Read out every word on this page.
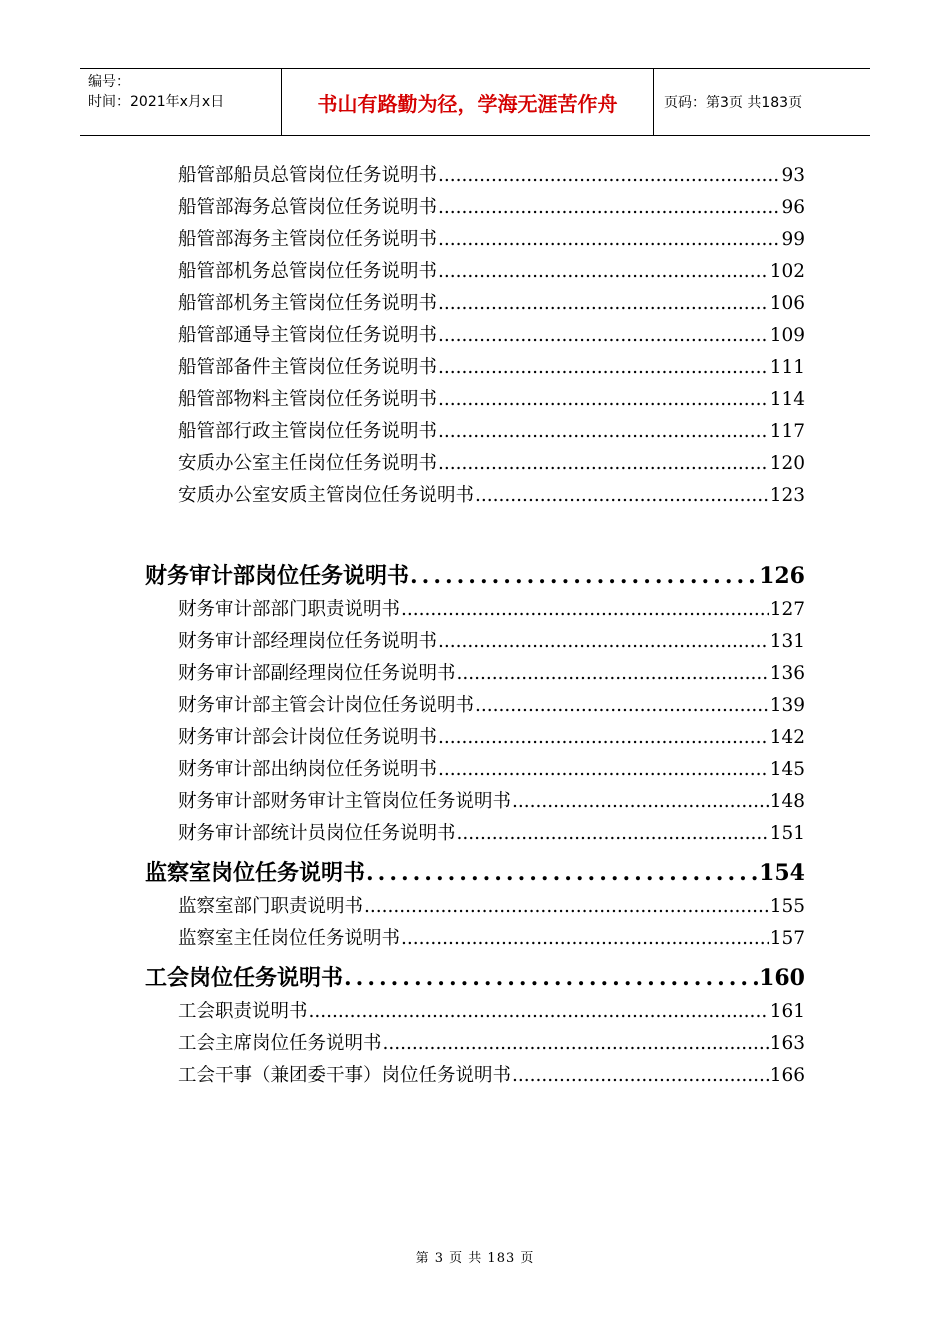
编号：
时间：2021年x月x日	书山有路勤为径，学海无涯苦作舟	页码：第3页 共183页
船管部船员总管岗位任务说明书 .....	93
船管部海务总管岗位任务说明书 .....	96
船管部海务主管岗位任务说明书 .....	99
船管部机务总管岗位任务说明书 .....	102
船管部机务主管岗位任务说明书 .....	106
船管部通导主管岗位任务说明书 .....	109
船管部备件主管岗位任务说明书 .....	111
船管部物料主管岗位任务说明书 .....	114
船管部行政主管岗位任务说明书 .....	117
安质办公室主任岗位任务说明书 .....	120
安质办公室安质主管岗位任务说明书 .....	123
财务审计部岗位任务说明书 .....	126
财务审计部部门职责说明书 .....	127
财务审计部经理岗位任务说明书 .....	131
财务审计部副经理岗位任务说明书 .....	136
财务审计部主管会计岗位任务说明书 .....	139
财务审计部会计岗位任务说明书 .....	142
财务审计部出纳岗位任务说明书 .....	145
财务审计部财务审计主管岗位任务说明书 .....	148
财务审计部统计员岗位任务说明书 .....	151
监察室岗位任务说明书 .....	154
监察室部门职责说明书 .....	155
监察室主任岗位任务说明书 .....	157
工会岗位任务说明书 .....	160
工会职责说明书 .....	161
工会主席岗位任务说明书 .....	163
工会干事（兼团委干事）岗位任务说明书 .....	166
第 3 页 共 183 页
